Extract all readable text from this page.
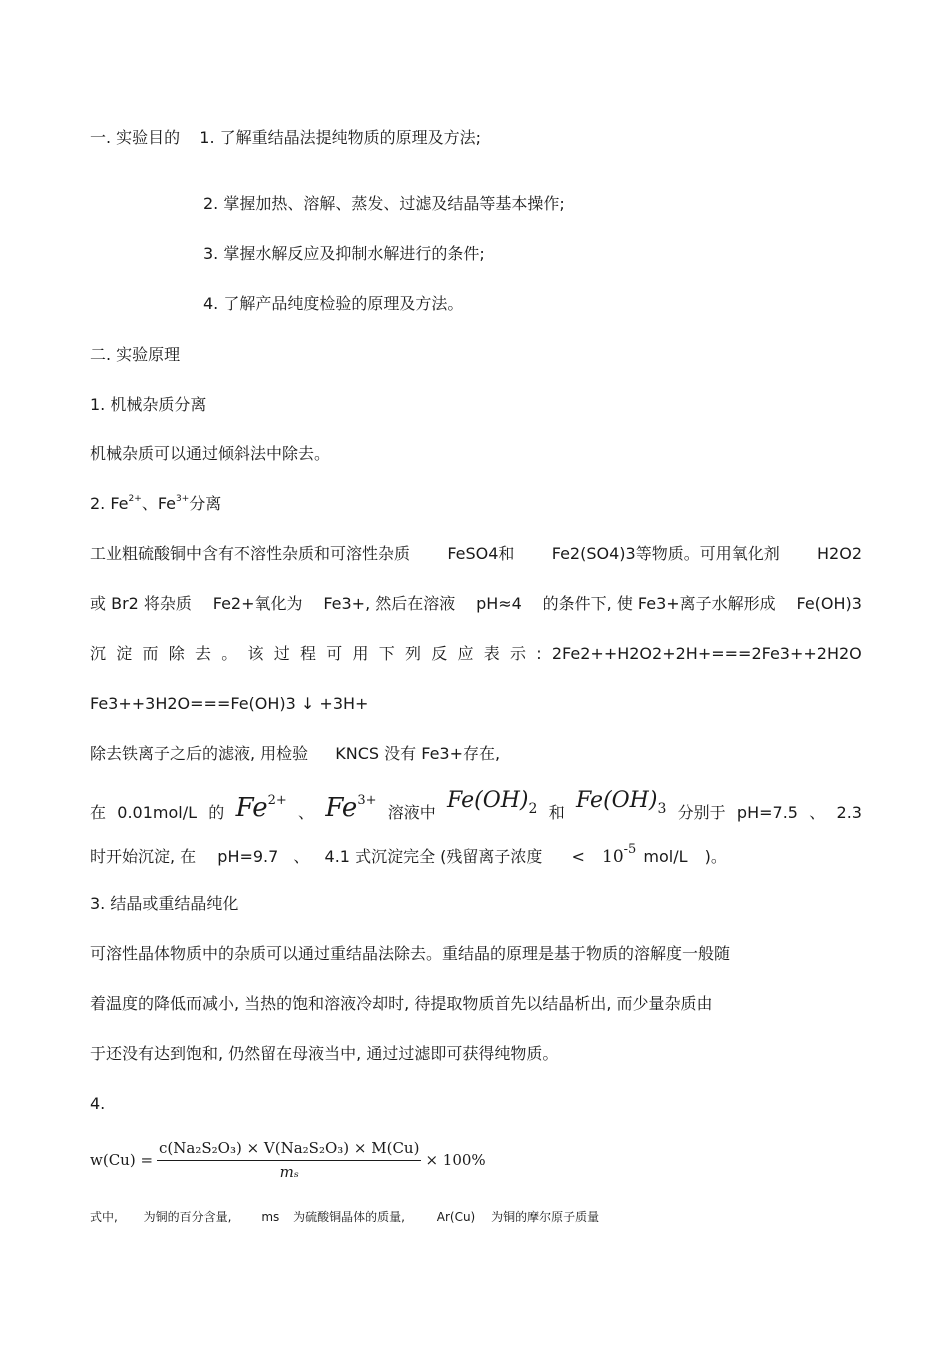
一. 实验目的 1. 了解重结晶法提纯物质的原理及方法;
2. 掌握加热、溶解、蒸发、过滤及结晶等基本操作;
3. 掌握水解反应及抑制水解进行的条件;
4. 了解产品纯度检验的原理及方法。
二. 实验原理
1. 机械杂质分离
机械杂质可以通过倾斜法中除去。
2. $Fe^{2+}$、$Fe^{3+}$分离
工业粗硫酸铜中含有不溶性杂质和可溶性杂质 FeSO4和 Fe2(SO4)3等物质。可用氧化剂 H2O2
或 Br2 将杂质 Fe2+氧化为 Fe3+, 然后在溶液 pH≈4 的条件下, 使 Fe3+离子水解形成 Fe(OH)3
沉 淀 而 除 去 。 该 过 程 可 用 下 列 反 应 表 示 : 2Fe2++H2O2+2H+===2Fe3++2H2O
Fe3++3H2O===Fe(OH)3 ↓ +3H+
除去铁离子之后的滤液, 用检验 KNCS 没有 Fe3+存在,
在 0.01mol/L 的 $Fe^{2+}$
、 $Fe^{3+}$
溶液中 $Fe(OH)_2$ 和 $Fe(OH)_3$ 分别于 pH=7.5 、 2.3
时开始沉淀, 在 pH=9.7 、 4.1 式沉淀完全 (残留离子浓度 < $10^{-5}$ mol/L )。
3. 结晶或重结晶纯化
可溶性晶体物质中的杂质可以通过重结晶法除去。重结晶的原理是基于物质的溶解度一般随
着温度的降低而减小, 当热的饱和溶液冷却时, 待提取物质首先以结晶析出, 而少量杂质由
于还没有达到饱和, 仍然留在母液当中, 通过过滤即可获得纯物质。
4.
$w(Cu) = \frac{\text{c(Na₂S₂O₃) × V(Na₂S₂O₃) × M(Cu)}}{\text{mₛ}} \times 100\%$
式中, 为铜的百分含量, ms 为硫酸铜晶体的质量,	Ar(Cu) 为铜的摩尔原子质量
